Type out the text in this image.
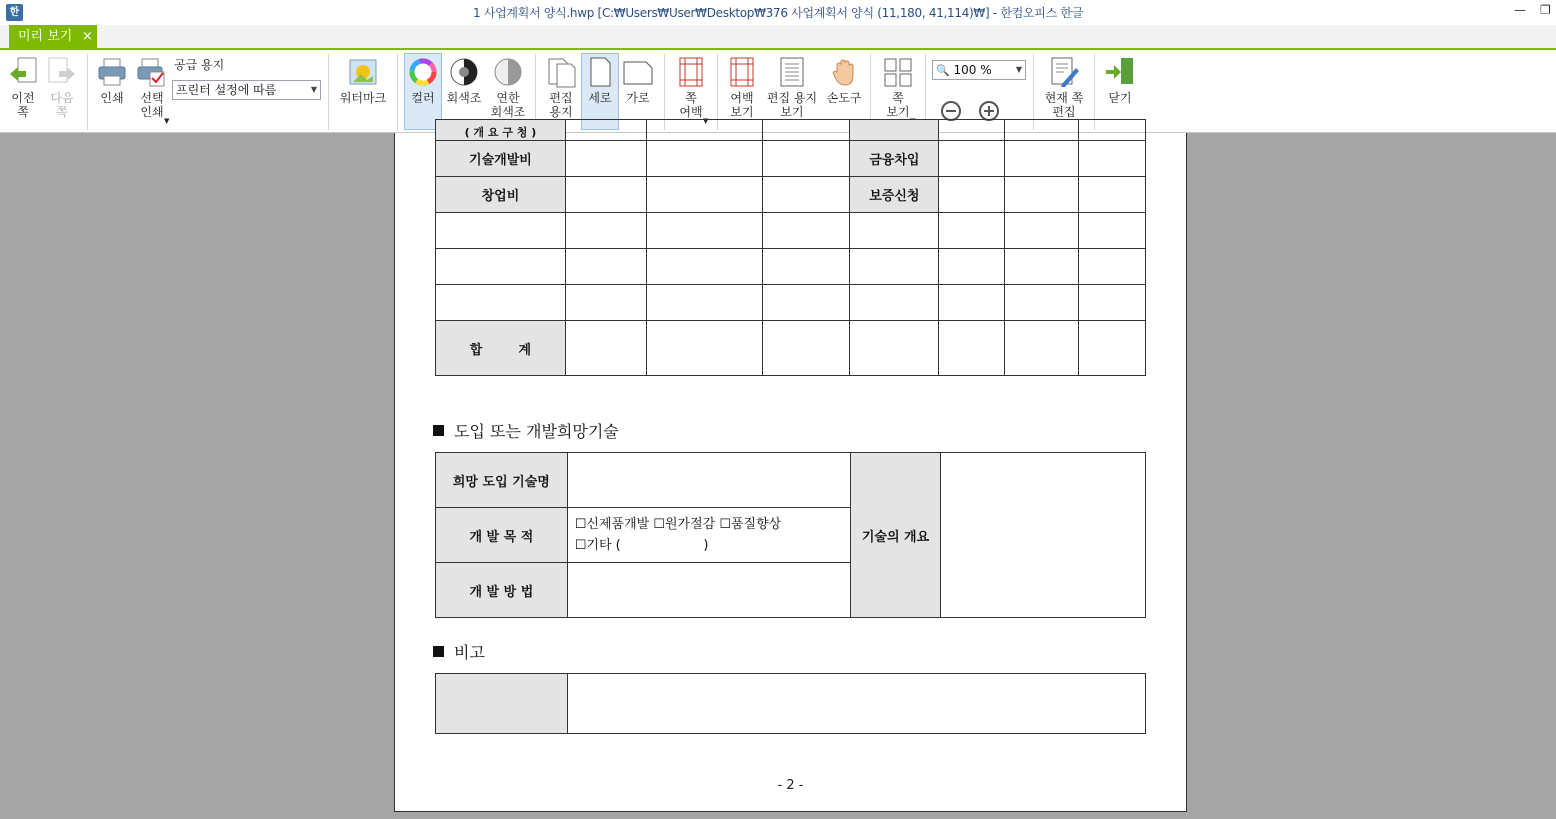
한	1 사업계획서 양식.hwp [C:₩Users₩User₩Desktop₩376 사업계획서 양식 (11,180, 41,114)₩] - 한컴오피스 한글	— ❐
미리 보기 ×
이전
쪽
다음
쪽
인쇄	선택
인쇄
▼
공급 용지
프린터 설정에 따름	▼
워터마크	컬러	회색조	연한
회색조
편집
용지
세로	가로	쪽
여백
▼
여백
보기
편집 용지
보기
손도구	쪽
보기
🔍 100 %	▼
현재 쪽
편집
닫기
( 개 요 구 청 )							
기술개발비				금융차입			
창업비				보증신청			

합        계							
도입 또는 개발희망기술
희망 도입 기술명		기술의 개요	
개 발 목 적	☐신제품개발 ☐원가절감 ☐품질향상
☐기타 (                    )		

개 발 방 법			
비고

- 2 -
